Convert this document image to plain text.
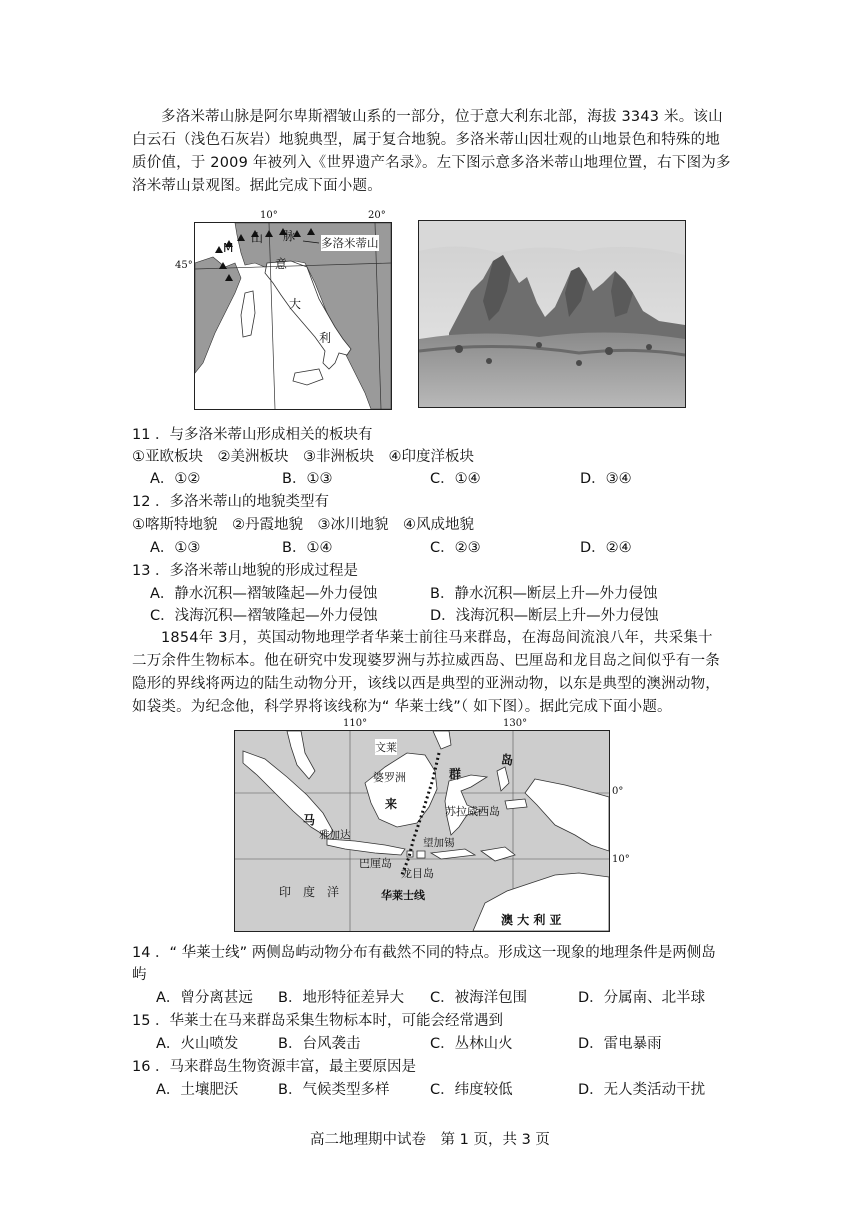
多洛米蒂山脉是阿尔卑斯褶皱山系的一部分，位于意大利东北部，海拔 3343 米。该山
白云石（浅色石灰岩）地貌典型，属于复合地貌。多洛米蒂山因壮观的山地景色和特殊的地
质价值，于 2009 年被列入《世界遗产名录》。左下图示意多洛米蒂山地理位置，右下图为多
洛米蒂山景观图。据此完成下面小题。
M
山 脉
意
大
利
多洛米蒂山
10°	20°
45°
11 ．与多洛米蒂山形成相关的板块有
①亚欧板块　②美洲板块　③非洲板块　④印度洋板块
A．①②	B．①③	C．①④	D．③④
12 ．多洛米蒂山的地貌类型有
①喀斯特地貌　②丹霞地貌　③冰川地貌　④风成地貌
A．①③	B．①④	C．②③	D．②④
13 ．多洛米蒂山地貌的形成过程是
A．静水沉积—褶皱隆起—外力侵蚀	B．静水沉积—断层上升—外力侵蚀
C．浅海沉积—褶皱隆起—外力侵蚀	D．浅海沉积—断层上升—外力侵蚀
1854年 3月，英国动物地理学者华莱士前往马来群岛，在海岛间流浪八年，共采集十
二万余件生物标本。他在研究中发现婆罗洲与苏拉威西岛、巴厘岛和龙目岛之间似乎有一条
隐形的界线将两边的陆生动物分开，该线以西是典型的亚洲动物，以东是典型的澳洲动物，
如袋类。为纪念他，科学界将该线称为“ 华莱士线”（ 如下图）。据此完成下面小题。
110°	130°
0°
10°
文莱
婆罗洲
来
群
岛
马
苏拉威西岛
雅加达
望加锡
巴厘岛
龙目岛
印　度　洋	华莱士线
澳 大 利 亚
14 ．“ 华莱士线” 两侧岛屿动物分布有截然不同的特点。形成这一现象的地理条件是两侧岛
屿
A．曾分离甚远 B．地形特征差异大 C．被海洋包围	D．分属南、北半球
15 ．华莱士在马来群岛采集生物标本时，可能会经常遇到
A．火山喷发	B．台风袭击	C．丛林山火	D．雷电暴雨
16 ．马来群岛生物资源丰富，最主要原因是
A．土壤肥沃	B．气候类型多样	C．纬度较低	D．无人类活动干扰
高二地理期中试卷　第 1 页，共 3 页
